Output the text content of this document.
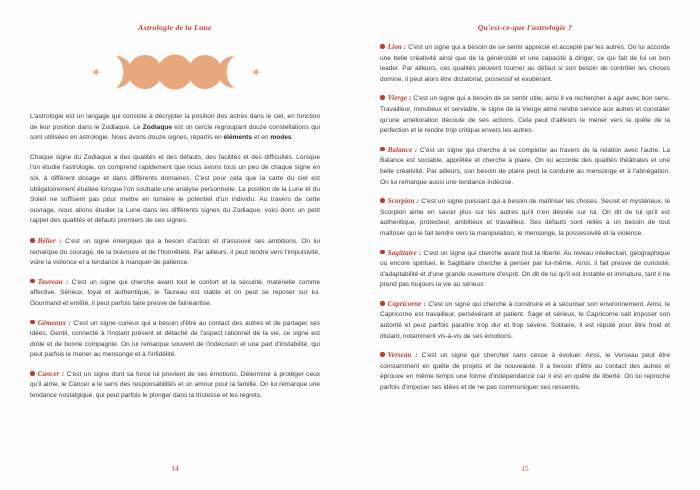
Astrologie de la Lune

L'astrologie est un langage qui consiste à décrypter la position des astres dans le ciel, en fonction de leur position dans le Zodiaque. Le Zodiaque est un cercle regroupant douze constellations qui sont utilisées en astrologie. Nous avons douze signes, répartis en éléments et en modes.

Chaque signe du Zodiaque a des qualités et des défauts, des facilités et des difficultés. Lorsque l'on étudie l'astrologie, on comprend rapidement que nous avons tous un peu de chaque signe en soi, à différent dosage et dans différents domaines. C'est pour cela que la carte du ciel est obligatoirement étudiée lorsque l'on souhaite une analyse personnelle. La position de la Lune et du Soleil ne suffisent pas pour mettre en lumière le potentiel d'un individu. Au travers de cette ouvrage, nous allons étudier la Lune dans les différents signes du Zodiaque, voici donc un petit rappel des qualités et défauts premiers de ces signes.

Bélier : C'est un signe énergique qui a besoin d'action et d'assouvir ses ambitions. On lui remarque du courage, de la bravoure et de l'honnêteté. Par ailleurs, il peut tendre vers l'impulsivité, voire la violence et a tendance à manquer de patience.

Taureau : C'est un signe qui cherche avant tout le confort et la sécurité, matérielle comme affective. Sérieux, loyal et authentique, le Taureau est stable et on peut se reposer sur lui. Gourmand et entêté, il peut parfois faire preuve de fainéantise.

Gémeaux : C'est un signe curieux qui a besoin d'être au contact des autres et de partager ses idées. Gentil, connecté à l'instant présent et détaché de l'aspect rationnel de la vie, ce signe est drôle et de bonne compagnie. On lui remarque souvent de l'indécision et une part d'instabilité, qui peut parfois le mener au mensonge et à l'infidélité.

Cancer : C'est un signe dont sa force lui provient de ses émotions. Déterminé à protéger ceux qu'il aime, le Cancer a le sens des responsabilités et un amour pour la famille. On lui remarque une tendance nostalgique, qui peut parfois le plonger dans la tristesse et les regrets.

14
Qu'est-ce-que l'astrologie ?

Lion : C'est un signe qui a besoin de se sentir apprécié et accepté par les autres. On lui accorde une belle créativité ainsi que de la générosité et une capacité à diriger, ce qui fait de lui un bon leader. Par ailleurs, ces qualités peuvent tourner au défaut si son besoin de contrôler les choses domine, il peut alors être dictatorial, possessif et exubérant.

Vierge : C'est un signe qui a besoin de se sentir utile, ainsi il va rechercher à agir avec bon sens. Travailleur, minutieux et serviable, le signe de la Vierge aime rendre service aux autres et constater qu'une amélioration découle de ses actions. Cela peut d'ailleurs le mener vers la quête de la perfection et le rendre trop critique envers les autres.

Balance : C'est un signe qui cherche à se compléter au travers de la relation avec l'autre. La Balance est sociable, apprêtée et cherche à plaire. On lui accorde des qualités théâtrales et une belle créativité. Par ailleurs, son besoin de plaire peut la conduire au mensonge et à l'abnégation. On lui remarque aussi une tendance indécise.

Scorpion : C'est un signe puissant qui a besoin de maîtriser les choses. Secret et mystérieux, le Scorpion aime en savoir plus sur les autres qu'il n'en dévoile sur lui. On dit de lui qu'il est authentique, protecteur, ambitieux et travailleur. Ses défauts sont reliés à un besoin de tout maîtriser qui le fait tendre vers la manipulation, le mensonge, la possessivité et la violence.

Sagittaire : C'est un signe qui cherche avant tout la liberté. Au niveau intellectuel, géographique ou encore spirituel, le Sagittaire cherche à penser par lui-même. Ainsi, il fait preuve de curiosité, d'adaptabilité et d'une grande ouverture d'esprit. On dit de lui qu'il est instable et immature, tant il ne prend pas toujours la vie au sérieux.

Capricorne : C'est un signe qui cherche à construire et à sécuriser son environnement. Ainsi, le Capricorne est travailleur, persévérant et patient. Sage et sérieux, le Capricorne sait imposer son autorité et peut parfois paraître trop dur et trop sévère. Solitaire, il est réputé pour être froid et distant, notamment vis-à-vis de ses émotions.

Verseau : C'est un signe qui chercher sans cesse à évoluer. Ainsi, le Verseau peut être constamment en quête de projets et de nouveauté. Il a besoin d'être au contact des autres et éprouve en même temps une forme d'indépendance car il est en quête de liberté. On lui reproche parfois d'imposer ses idées et de ne pas communiquer ses ressentis.

15
